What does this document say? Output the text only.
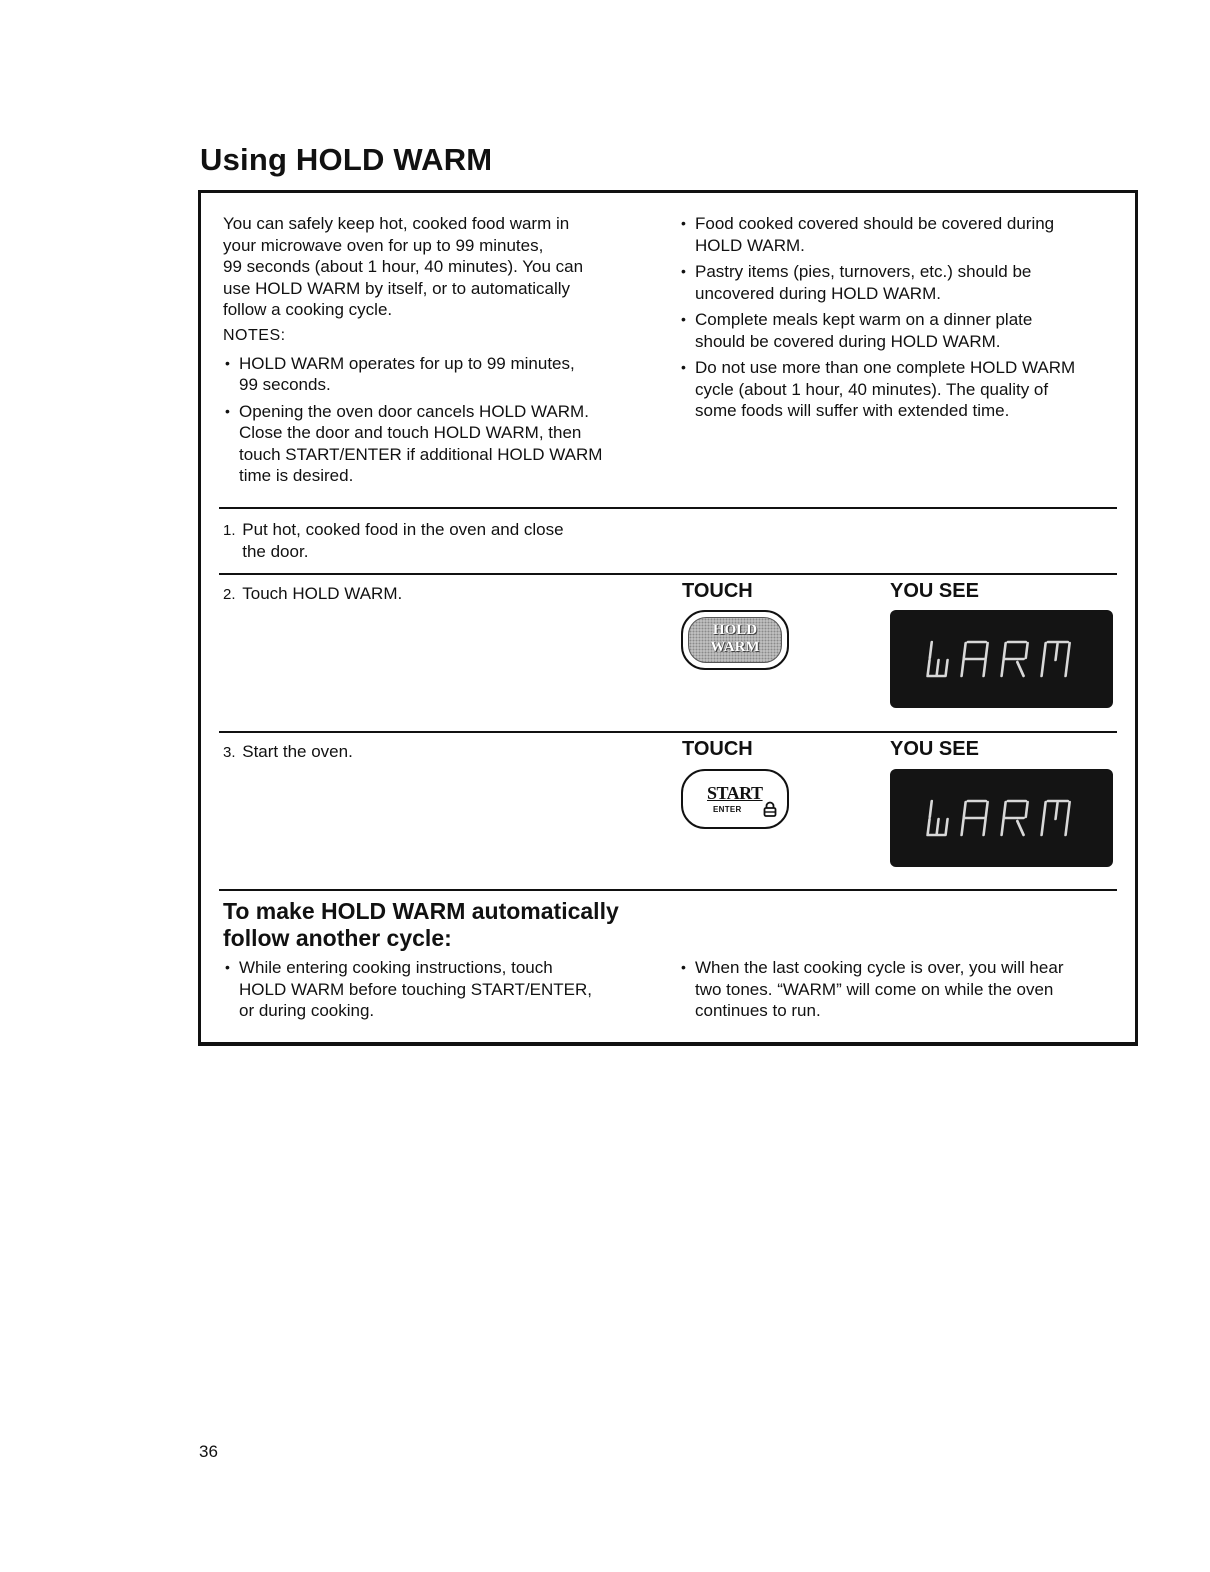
Using HOLD WARM

You can safely keep hot, cooked food warm in
your microwave oven for up to 99 minutes,
99 seconds (about 1 hour, 40 minutes). You can
use HOLD WARM by itself, or to automatically
follow a cooking cycle.

NOTES:
• HOLD WARM operates for up to 99 minutes,
99 seconds.
• Opening the oven door cancels HOLD WARM.
Close the door and touch HOLD WARM, then
touch START/ENTER if additional HOLD WARM
time is desired.
• Food cooked covered should be covered during
HOLD WARM.
• Pastry items (pies, turnovers, etc.) should be
uncovered during HOLD WARM.
• Complete meals kept warm on a dinner plate
should be covered during HOLD WARM.
• Do not use more than one complete HOLD WARM
cycle (about 1 hour, 40 minutes). The quality of
some foods will suffer with extended time.
1. Put hot, cooked food in the oven and close
the door.
2. Touch HOLD WARM.	TOUCH	YOU SEE
HOLD
WARM
3. Start the oven.	TOUCH	YOU SEE
START
ENTER
To make HOLD WARM automatically
follow another cycle:
• While entering cooking instructions, touch
HOLD WARM before touching START/ENTER,
or during cooking.
• When the last cooking cycle is over, you will hear
two tones. “WARM” will come on while the oven
continues to run.
36
